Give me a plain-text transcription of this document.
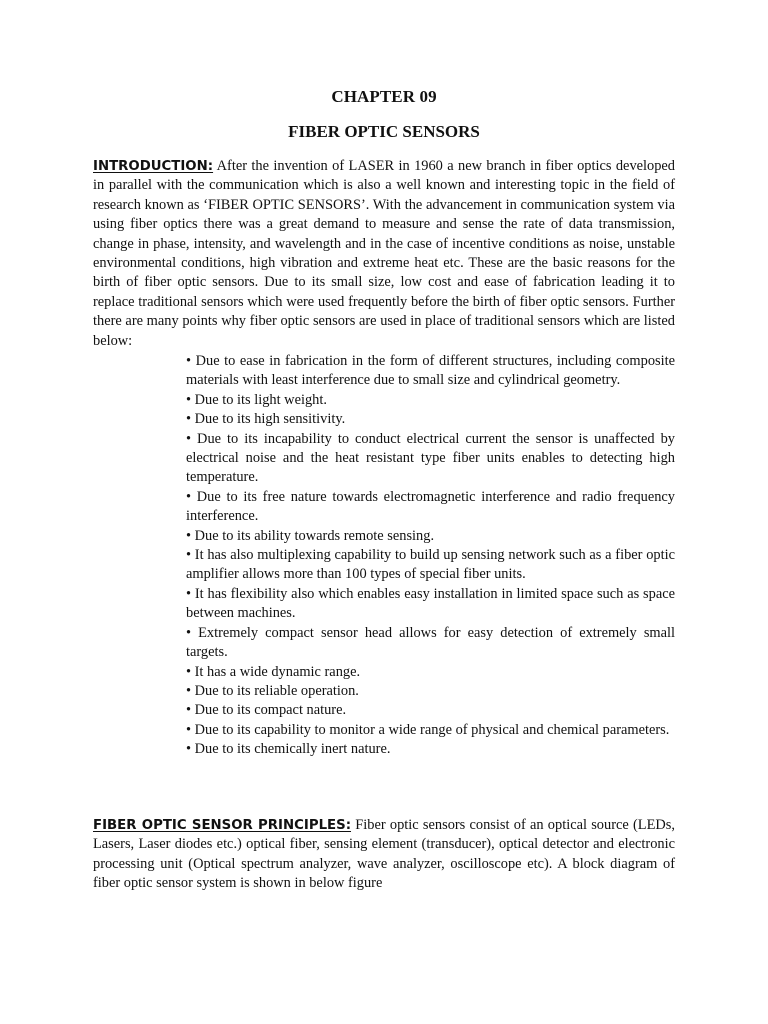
CHAPTER 09
FIBER OPTIC SENSORS

INTRODUCTION: After the invention of LASER in 1960 a new branch in fiber optics developed in parallel with the communication which is also a well known and interesting topic in the field of research known as ‘FIBER OPTIC SENSORS’. With the advancement in communication system via using fiber optics there was a great demand to measure and sense the rate of data transmission, change in phase, intensity, and wavelength and in the case of incentive conditions as noise, unstable environmental conditions, high vibration and extreme heat etc. These are the basic reasons for the birth of fiber optic sensors. Due to its small size, low cost and ease of fabrication leading it to replace traditional sensors which were used frequently before the birth of fiber optic sensors. Further there are many points why fiber optic sensors are used in place of traditional sensors which are listed below:

• Due to ease in fabrication in the form of different structures, including composite materials with least interference due to small size and cylindrical geometry.
• Due to its light weight.
• Due to its high sensitivity.
• Due to its incapability to conduct electrical current the sensor is unaffected by electrical noise and the heat resistant type fiber units enables to detecting high temperature.
• Due to its free nature towards electromagnetic interference and radio frequency interference.
• Due to its ability towards remote sensing.
• It has also multiplexing capability to build up sensing network such as a fiber optic amplifier allows more than 100 types of special fiber units.
• It has flexibility also which enables easy installation in limited space such as space between machines.
• Extremely compact sensor head allows for easy detection of extremely small targets.
• It has a wide dynamic range.
• Due to its reliable operation.
• Due to its compact nature.
• Due to its capability to monitor a wide range of physical and chemical parameters.
• Due to its chemically inert nature.

FIBER OPTIC SENSOR PRINCIPLES: Fiber optic sensors consist of an optical source (LEDs, Lasers, Laser diodes etc.) optical fiber, sensing element (transducer), optical detector and electronic processing unit (Optical spectrum analyzer, wave analyzer, oscilloscope etc). A block diagram of fiber optic sensor system is shown in below figure
